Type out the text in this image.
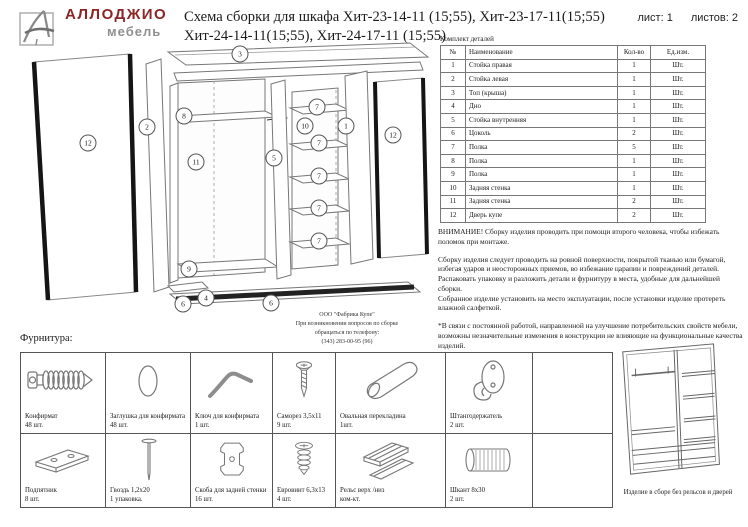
АЛЛОДЖИО
мебель
Схема сборки для шкафа Хит-23-14-11 (15;55), Хит-23-17-11(15;55)
Хит-24-14-11(15;55), Хит-24-17-11 (15;55)
лист: 1 листов: 2
Комплект деталей
№	Наименование	Кол-во	Ед.изм.
1	Стойка правая	1	Шт.
2	Стойка левая	1	Шт.
3	Топ (крыша)	1	Шт.
4	Дно	1	Шт.
5	Стойка внутренняя	1	Шт.
6	Цоколь	2	Шт.
7	Полка	5	Шт.
8	Полка	1	Шт.
9	Полка	1	Шт.
10	Задняя стенка	1	Шт.
11	Задняя стенка	2	Шт.
12	Дверь купе	2	Шт.

ВНИМАНИЕ! Сборку изделия проводить при помощи второго человека, чтобы избежать поломок при монтаже.

Сборку изделия следует проводить на ровной поверхности, покрытой тканью или бумагой, избегая ударов и неосторожных приемов, во избежание царапин и повреждений деталей.

Распаковать упаковку и разложить детали и фурнитуру в места, удобные для дальнейшей сборки.

Собранное изделие установить на место эксплуатации, после установки изделие протереть влажной салфеткой.

*В связи с постоянной работой, направленной на улучшение потребительских свойств мебели, возможны незначительные изменения в конструкции не влияющие на функциональные качества изделий.

ООО "Фабрика Купе"
При возникновении вопросов по сборке
обращаться по телефону:
(343) 283-00-95 (96)
3
12
2
8
11
9
5
10
7
7
7
7
7
1
12
6
4
6
Фурнитура:
Конфирмат
48 шт.
Заглушка для конфирмата
48 шт.
Ключ для конфирмата
1 шт.
Саморез 3,5х11
9 шт.
Овальная перекладина
1шт.
Штангодержатель
2 шт.
Подпятник
8 шт.
Гвоздь 1,2х20
1 упаковка.
Скоба для задней стенки
16 шт.
Евровинт 6,3х13
4 шт.
Рельс верх /низ
ком-кт.
Шкант 8х30
2 шт.
Изделие в сборе без рельсов и дверей
